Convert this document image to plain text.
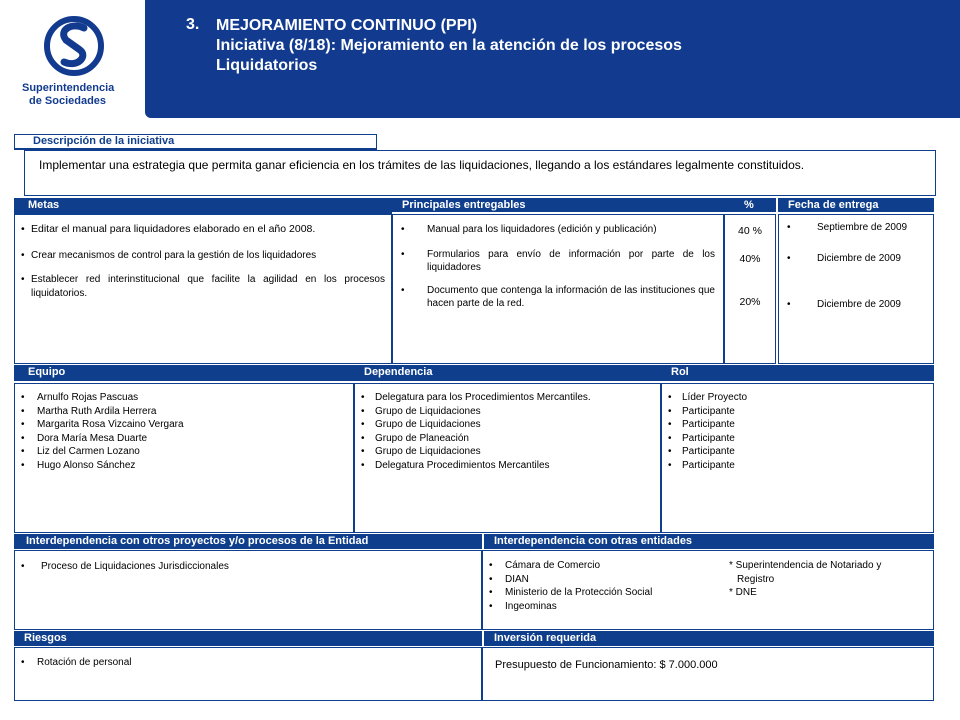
Superintendencia
de Sociedades
3. MEJORAMIENTO CONTINUO (PPI)
Iniciativa (8/18): Mejoramiento en la atención de los procesos
Liquidatorios
Descripción de la iniciativa
Implementar una estrategia que permita ganar eficiencia en los trámites de las liquidaciones, llegando a los estándares legalmente constituidos.
Metas	Principales entregables	%	Fecha de entrega
• Editar el manual para liquidadores elaborado en el año 2008.
• Crear mecanismos de control para la gestión de los liquidadores
• Establecer red interinstitucional que facilite la agilidad en los procesos liquidatorios.
• Manual para los liquidadores (edición y publicación)
• Formularios para envío de información por parte de los liquidadores
• Documento que contenga la información de las instituciones que hacen parte de la red.
40 %
40%
20%
• Septiembre de 2009
• Diciembre de 2009
• Diciembre de 2009
Equipo	Dependencia	Rol
• Arnulfo Rojas Pascuas
• Martha Ruth Ardila Herrera
• Margarita Rosa Vizcaino Vergara
• Dora María Mesa Duarte
• Liz del Carmen Lozano
• Hugo Alonso Sánchez
• Delegatura para los Procedimientos Mercantiles.
• Grupo de Liquidaciones
• Grupo de Liquidaciones
• Grupo de Planeación
• Grupo de Liquidaciones
• Delegatura Procedimientos Mercantiles
• Líder Proyecto
• Participante
• Participante
• Participante
• Participante
• Participante
Interdependencia con otros proyectos y/o procesos de la Entidad	Interdependencia con otras entidades
• Proceso de Liquidaciones Jurisdiccionales
•	Cámara de Comercio
• DIAN
• Ministerio de la Protección Social
• Ingeominas
* Superintendencia de Notariado y
Registro
* DNE
Riesgos	Inversión requerida
• Rotación de personal	Presupuesto de Funcionamiento: $ 7.000.000
